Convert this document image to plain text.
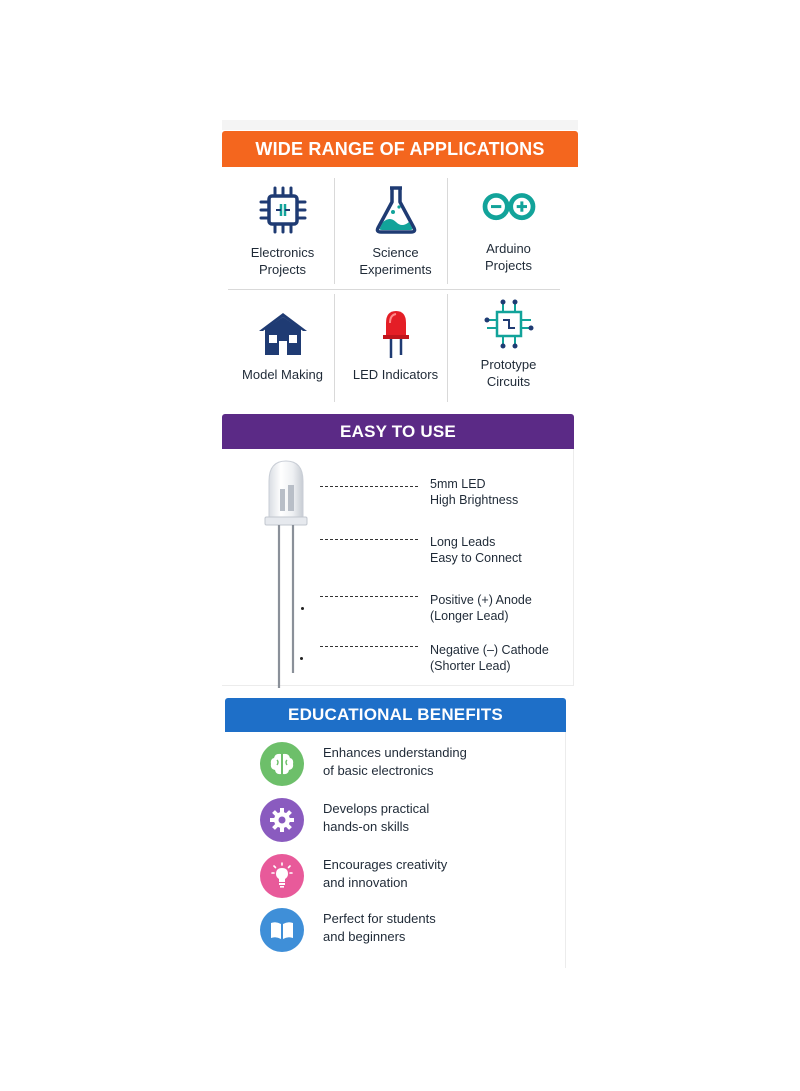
WIDE RANGE OF APPLICATIONS
Electronics
Projects
Science
Experiments
Arduino
Projects
Model Making LED Indicators
Prototype
Circuits
EASY TO USE
5mm LED
High Brightness
Long Leads
Easy to Connect
Positive (+) Anode
(Longer Lead)
Negative (–) Cathode
(Shorter Lead)
EDUCATIONAL BENEFITS
Enhances understanding
of basic electronics
Develops practical
hands-on skills
Encourages creativity
and innovation
Perfect for students
and beginners
